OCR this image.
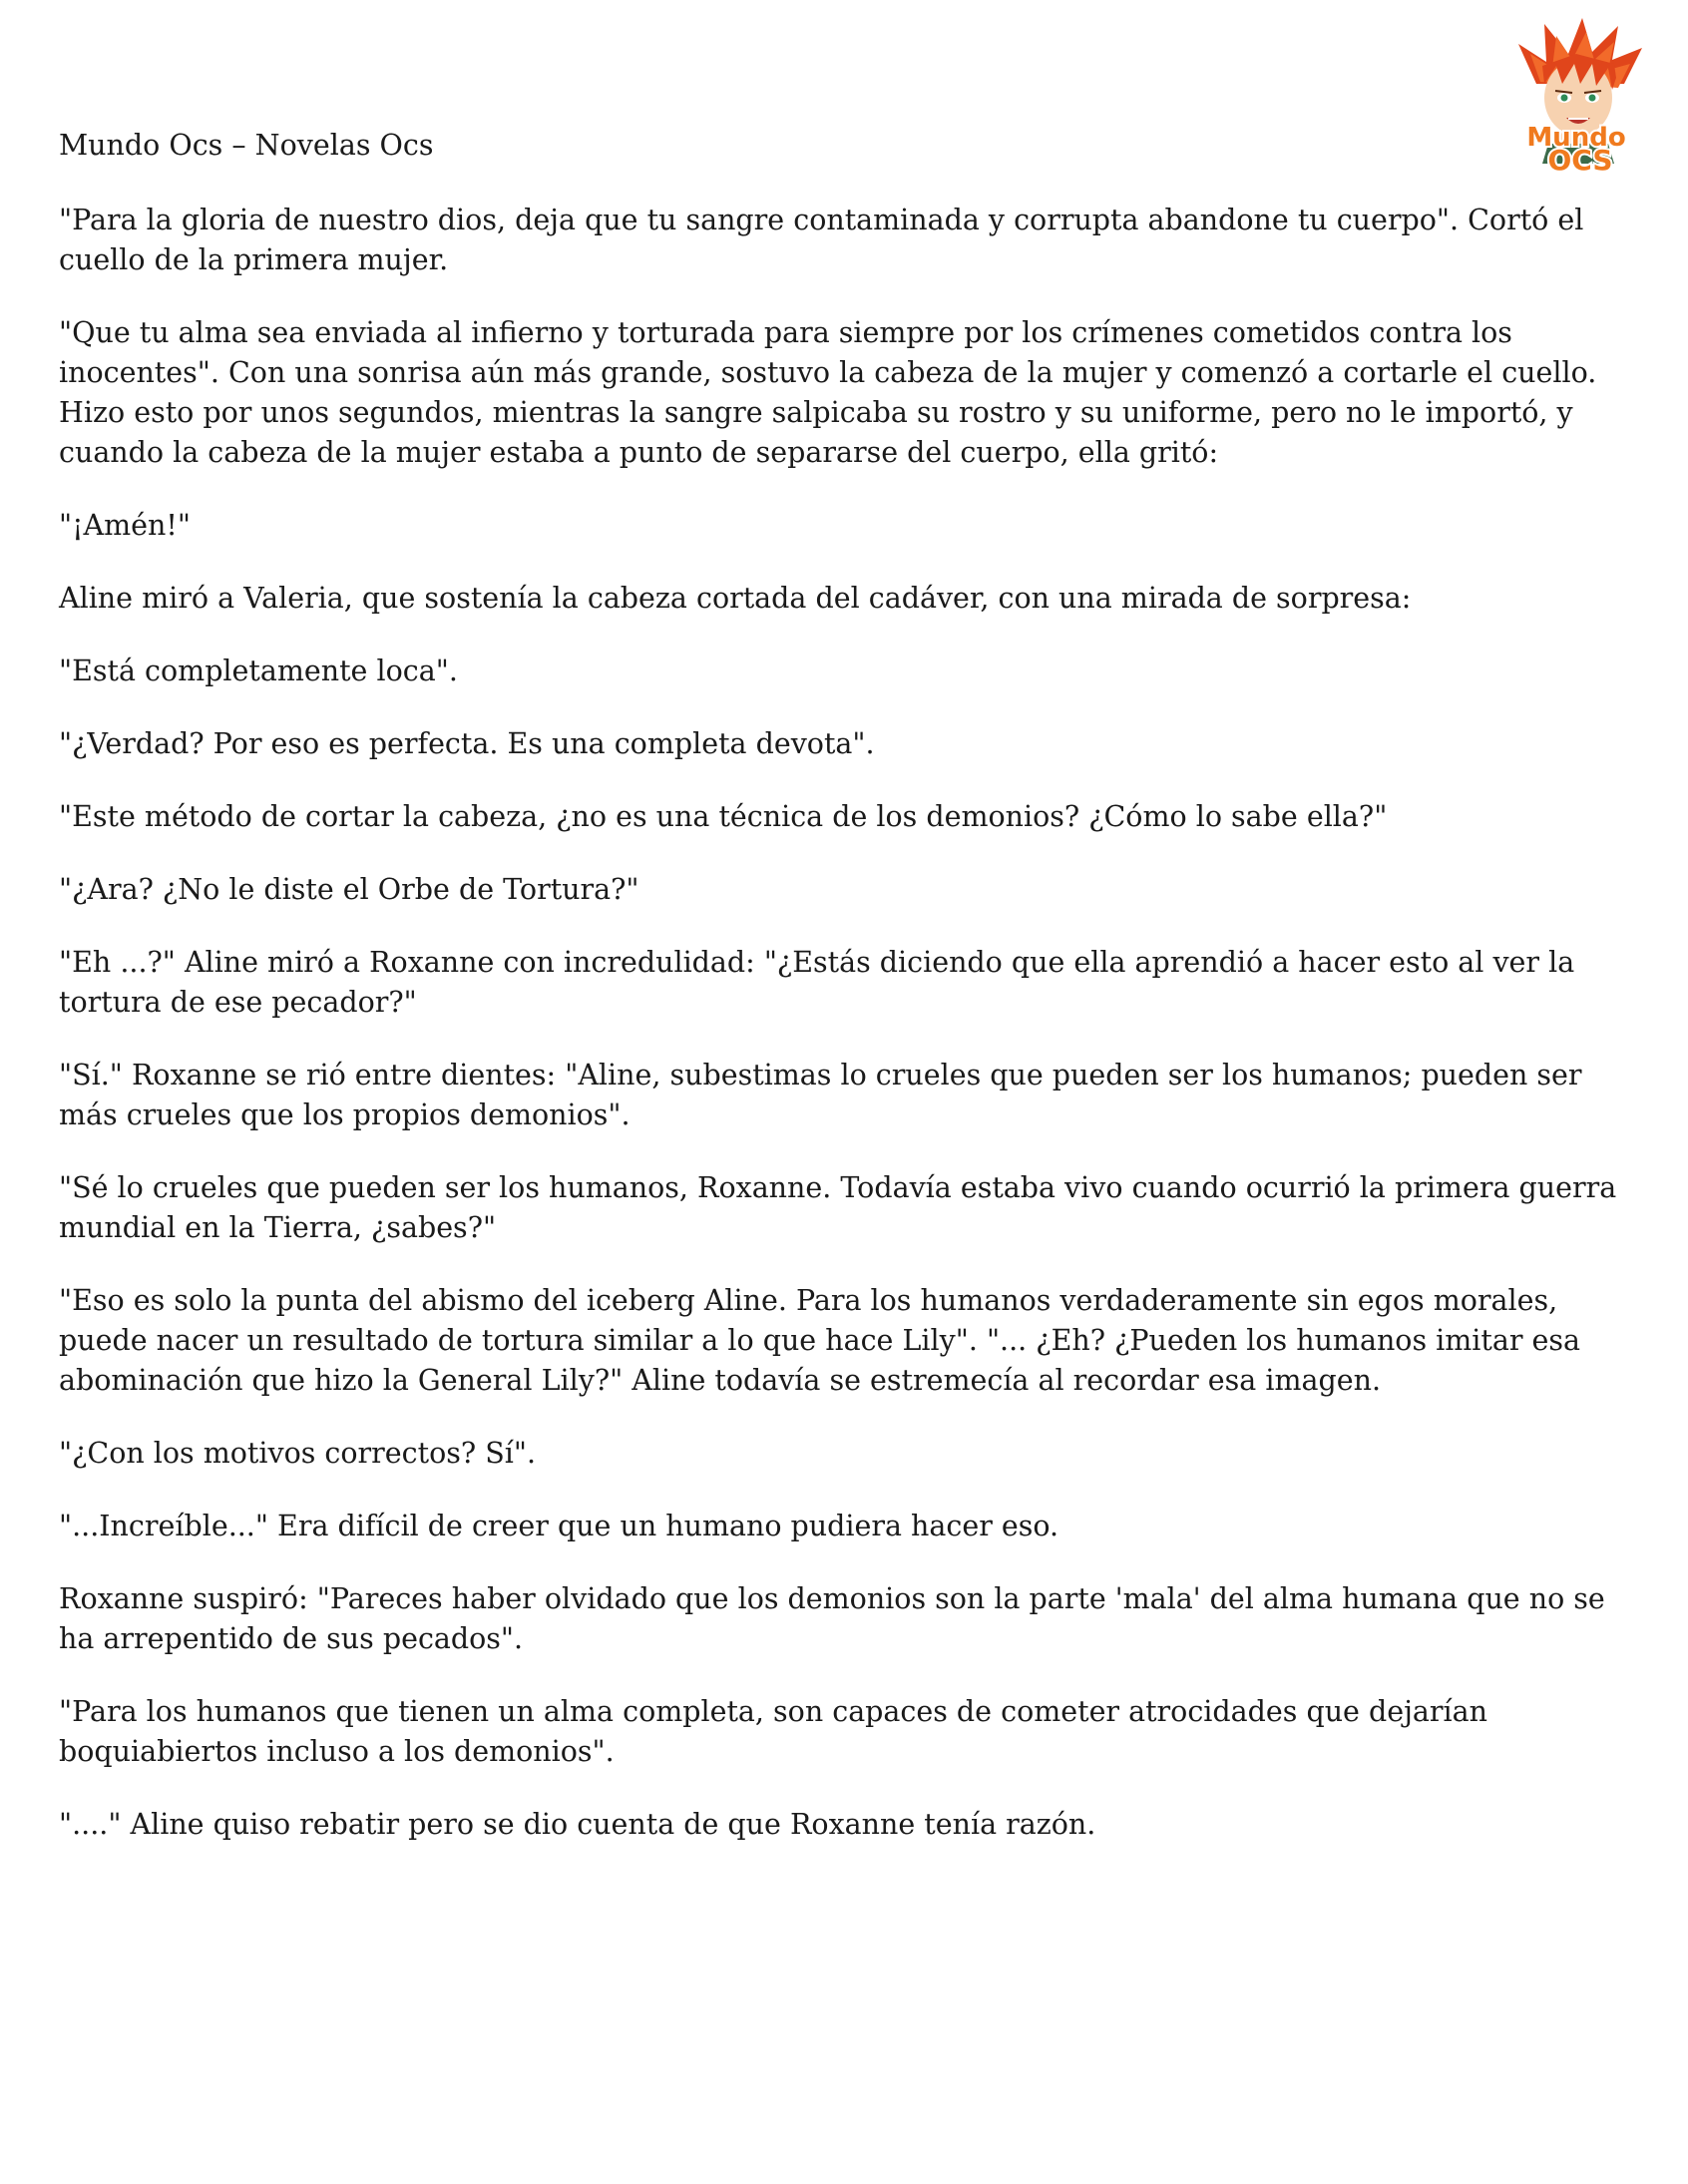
Mundo Ocs – Novelas Ocs	Mundo
OCS

"Para la gloria de nuestro dios, deja que tu sangre contaminada y corrupta abandone tu cuerpo". Cortó el cuello de la primera mujer.

"Que tu alma sea enviada al infierno y torturada para siempre por los crímenes cometidos contra los inocentes". Con una sonrisa aún más grande, sostuvo la cabeza de la mujer y comenzó a cortarle el cuello. Hizo esto por unos segundos, mientras la sangre salpicaba su rostro y su uniforme, pero no le importó, y cuando la cabeza de la mujer estaba a punto de separarse del cuerpo, ella gritó:

"¡Amén!"

Aline miró a Valeria, que sostenía la cabeza cortada del cadáver, con una mirada de sorpresa:

"Está completamente loca".

"¿Verdad? Por eso es perfecta. Es una completa devota".

"Este método de cortar la cabeza, ¿no es una técnica de los demonios? ¿Cómo lo sabe ella?"

"¿Ara? ¿No le diste el Orbe de Tortura?"

"Eh ...?" Aline miró a Roxanne con incredulidad: "¿Estás diciendo que ella aprendió a hacer esto al ver la tortura de ese pecador?"

"Sí." Roxanne se rió entre dientes: "Aline, subestimas lo crueles que pueden ser los humanos; pueden ser más crueles que los propios demonios".

"Sé lo crueles que pueden ser los humanos, Roxanne. Todavía estaba vivo cuando ocurrió la primera guerra mundial en la Tierra, ¿sabes?"

"Eso es solo la punta del abismo del iceberg Aline. Para los humanos verdaderamente sin egos morales, puede nacer un resultado de tortura similar a lo que hace Lily". "... ¿Eh? ¿Pueden los humanos imitar esa abominación que hizo la General Lily?" Aline todavía se estremecía al recordar esa imagen.

"¿Con los motivos correctos? Sí".

"...Increíble..." Era difícil de creer que un humano pudiera hacer eso.

Roxanne suspiró: "Pareces haber olvidado que los demonios son la parte 'mala' del alma humana que no se ha arrepentido de sus pecados".

"Para los humanos que tienen un alma completa, son capaces de cometer atrocidades que dejarían boquiabiertos incluso a los demonios".

"...." Aline quiso rebatir pero se dio cuenta de que Roxanne tenía razón.
